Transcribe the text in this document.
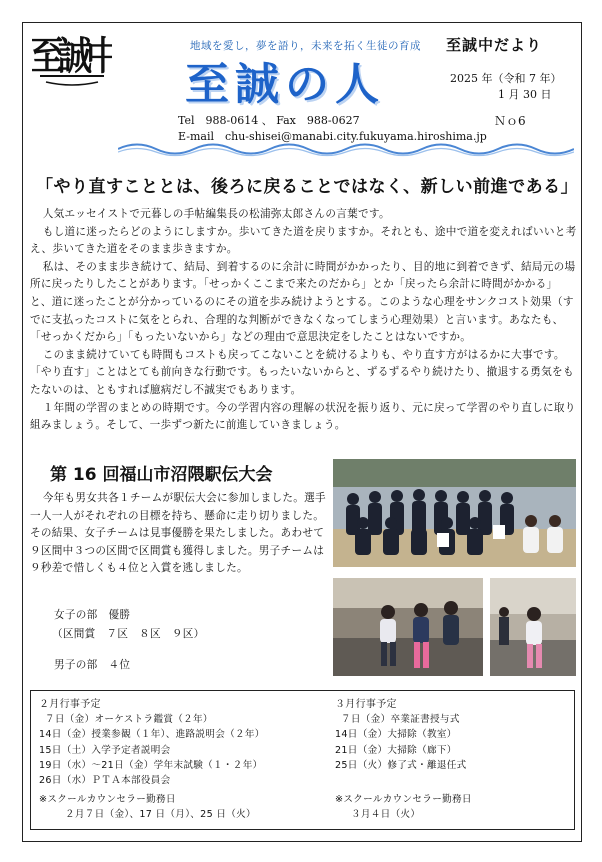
至誠中	地域を愛し，夢を語り，未来を拓く生徒の育成 至誠中だより
至誠の人	2025 年（令和 7 年）
1 月 30 日
Tel　988-0614 、 Fax　988-0627	Ｎｏ6
E-mail　chu-shisei@manabi.city.fukuyama.hiroshima.jp
「やり直すこととは、後ろに戻ることではなく、新しい前進である」

人気エッセイストで元暮しの手帖編集長の松浦弥太郎さんの言葉です。

もし道に迷ったらどのようにしますか。歩いてきた道を戻りますか。それとも、途中で道を変えればいいと考え、歩いてきた道をそのまま歩きますか。

私は、そのまま歩き続けて、結局、到着するのに余計に時間がかかったり、目的地に到着できず、結局元の場所に戻ったりしたことがあります。「せっかくここまで来たのだから」とか「戻ったら余計に時間がかかる」と、道に迷ったことが分かっているのにその道を歩み続けようとする。このような心理をサンクコスト効果（すでに支払ったコストに気をとられ、合理的な判断ができなくなってしまう心理効果）と言います。あなたも、「せっかくだから」「もったいないから」などの理由で意思決定をしたことはないですか。

このまま続けていても時間もコストも戻ってこないことを続けるよりも、やり直す方がはるかに大事です。「やり直す」ことはとても前向きな行動です。もったいないからと、ずるずるやり続けたり、撤退する勇気をもたないのは、ともすれば臆病だし不誠実でもあります。

１年間の学習のまとめの時期です。今の学習内容の理解の状況を振り返り、元に戻って学習のやり直しに取り組みましょう。そして、一歩ずつ新たに前進していきましょう。

第 16 回福山市沼隈駅伝大会

今年も男女共各１チームが駅伝大会に参加しました。選手一人一人がそれぞれの目標を持ち、懸命に走り切りました。その結果、女子チームは見事優勝を果たしました。あわせて９区間中３つの区間で区間賞も獲得しました。男子チームは９秒差で惜しくも４位と入賞を逃しました。

女子の部　優勝
（区間賞　７区　８区　９区）
男子の部　４位
２月行事予定
７日（金）オーケストラ鑑賞（２年）
14日（金）授業参観（１年）、進路説明会（２年）
15日（土）入学予定者説明会
19日（水）～21日（金）学年末試験（１・２年）
26日（水）ＰＴＡ本部役員会
※スクールカウンセラー勤務日
２月７日（金）、17 日（月）、25 日（火）
３月行事予定
７日（金）卒業証書授与式
14日（金）大掃除（教室）
21日（金）大掃除（廊下）
25日（火）修了式・離退任式
※スクールカウンセラー勤務日
３月４日（火）
